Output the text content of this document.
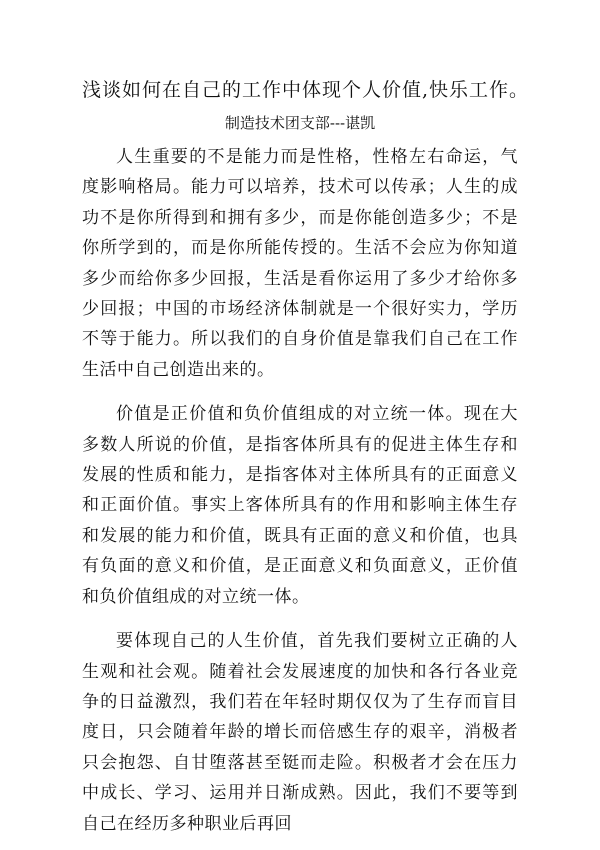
浅谈如何在自己的工作中体现个人价值,快乐工作。
制造技术团支部---谌凯

人生重要的不是能力而是性格，性格左右命运，气度影响格局。能力可以培养，技术可以传承；人生的成功不是你所得到和拥有多少，而是你能创造多少；不是你所学到的，而是你所能传授的。生活不会应为你知道多少而给你多少回报，生活是看你运用了多少才给你多少回报；中国的市场经济体制就是一个很好实力，学历不等于能力。所以我们的自身价值是靠我们自己在工作生活中自己创造出来的。

价值是正价值和负价值组成的对立统一体。现在大多数人所说的价值，是指客体所具有的促进主体生存和发展的性质和能力，是指客体对主体所具有的正面意义和正面价值。事实上客体所具有的作用和影响主体生存和发展的能力和价值，既具有正面的意义和价值，也具有负面的意义和价值，是正面意义和负面意义，正价值和负价值组成的对立统一体。

要体现自己的人生价值，首先我们要树立正确的人生观和社会观。随着社会发展速度的加快和各行各业竞争的日益激烈，我们若在年轻时期仅仅为了生存而盲目度日，只会随着年龄的增长而倍感生存的艰辛，消极者只会抱怨、自甘堕落甚至铤而走险。积极者才会在压力中成长、学习、运用并日渐成熟。因此，我们不要等到自己在经历多种职业后再回
